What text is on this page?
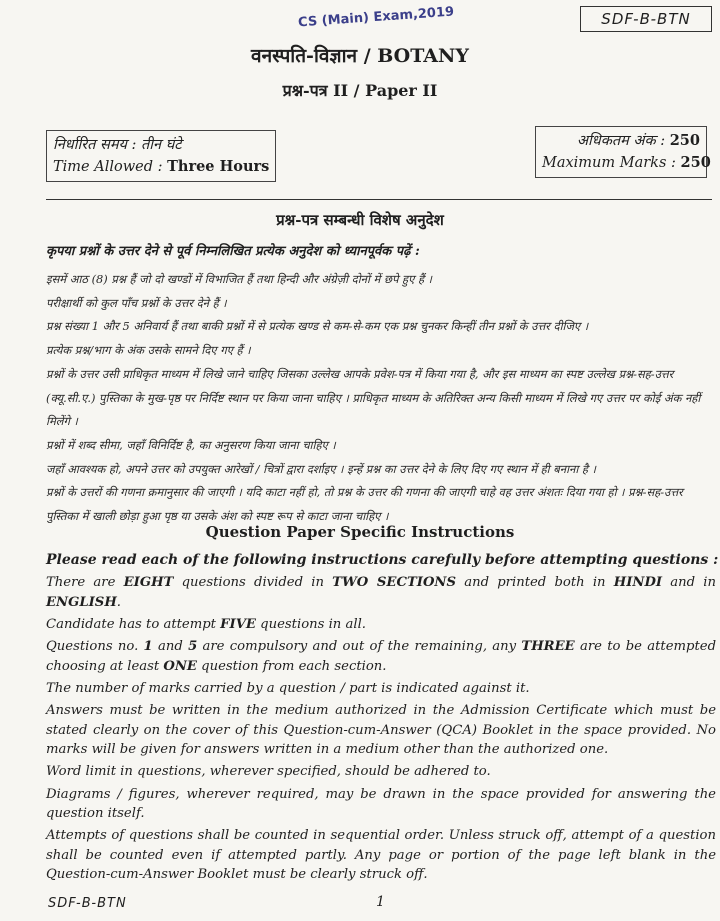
CS (Main) Exam,2019	SDF-B-BTN
वनस्पति-विज्ञान / BOTANY
प्रश्न-पत्र II / Paper II
निर्धारित समय : तीन घंटे
Time Allowed : Three Hours
अधिकतम अंक : 250
Maximum Marks : 250
प्रश्न-पत्र सम्बन्धी विशेष अनुदेश
कृपया प्रश्नों के उत्तर देने से पूर्व निम्नलिखित प्रत्येक अनुदेश को ध्यानपूर्वक पढ़ें :

इसमें आठ (8) प्रश्न हैं जो दो खण्डों में विभाजित हैं तथा हिन्दी और अंग्रेज़ी दोनों में छपे हुए हैं ।

परीक्षार्थी को कुल पाँच प्रश्नों के उत्तर देने हैं ।

प्रश्न संख्या 1 और 5 अनिवार्य हैं तथा बाकी प्रश्नों में से प्रत्येक खण्ड से कम-से-कम एक प्रश्न चुनकर किन्हीं तीन प्रश्नों के उत्तर दीजिए ।

प्रत्येक प्रश्न/भाग के अंक उसके सामने दिए गए हैं ।

प्रश्नों के उत्तर उसी प्राधिकृत माध्यम में लिखे जाने चाहिए जिसका उल्लेख आपके प्रवेश-पत्र में किया गया है, और इस माध्यम का स्पष्ट उल्लेख प्रश्न-सह-उत्तर (क्यू.सी.ए.) पुस्तिका के मुख-पृष्ठ पर निर्दिष्ट स्थान पर किया जाना चाहिए । प्राधिकृत माध्यम के अतिरिक्त अन्य किसी माध्यम में लिखे गए उत्तर पर कोई अंक नहीं मिलेंगे ।

प्रश्नों में शब्द सीमा, जहाँ विनिर्दिष्ट है, का अनुसरण किया जाना चाहिए ।

जहाँ आवश्यक हो, अपने उत्तर को उपयुक्त आरेखों / चित्रों द्वारा दर्शाइए । इन्हें प्रश्न का उत्तर देने के लिए दिए गए स्थान में ही बनाना है ।

प्रश्नों के उत्तरों की गणना क्रमानुसार की जाएगी । यदि काटा नहीं हो, तो प्रश्न के उत्तर की गणना की जाएगी चाहे वह उत्तर अंशतः दिया गया हो । प्रश्न-सह-उत्तर पुस्तिका में खाली छोड़ा हुआ पृष्ठ या उसके अंश को स्पष्ट रूप से काटा जाना चाहिए ।

Question Paper Specific Instructions
Please read each of the following instructions carefully before attempting questions :

There are EIGHT questions divided in TWO SECTIONS and printed both in HINDI and in ENGLISH.

Candidate has to attempt FIVE questions in all.

Questions no. 1 and 5 are compulsory and out of the remaining, any THREE are to be attempted choosing at least ONE question from each section.

The number of marks carried by a question / part is indicated against it.

Answers must be written in the medium authorized in the Admission Certificate which must be stated clearly on the cover of this Question-cum-Answer (QCA) Booklet in the space provided. No marks will be given for answers written in a medium other than the authorized one.

Word limit in questions, wherever specified, should be adhered to.

Diagrams / figures, wherever required, may be drawn in the space provided for answering the question itself.

Attempts of questions shall be counted in sequential order. Unless struck off, attempt of a question shall be counted even if attempted partly. Any page or portion of the page left blank in the Question-cum-Answer Booklet must be clearly struck off.

SDF-B-BTN	1
